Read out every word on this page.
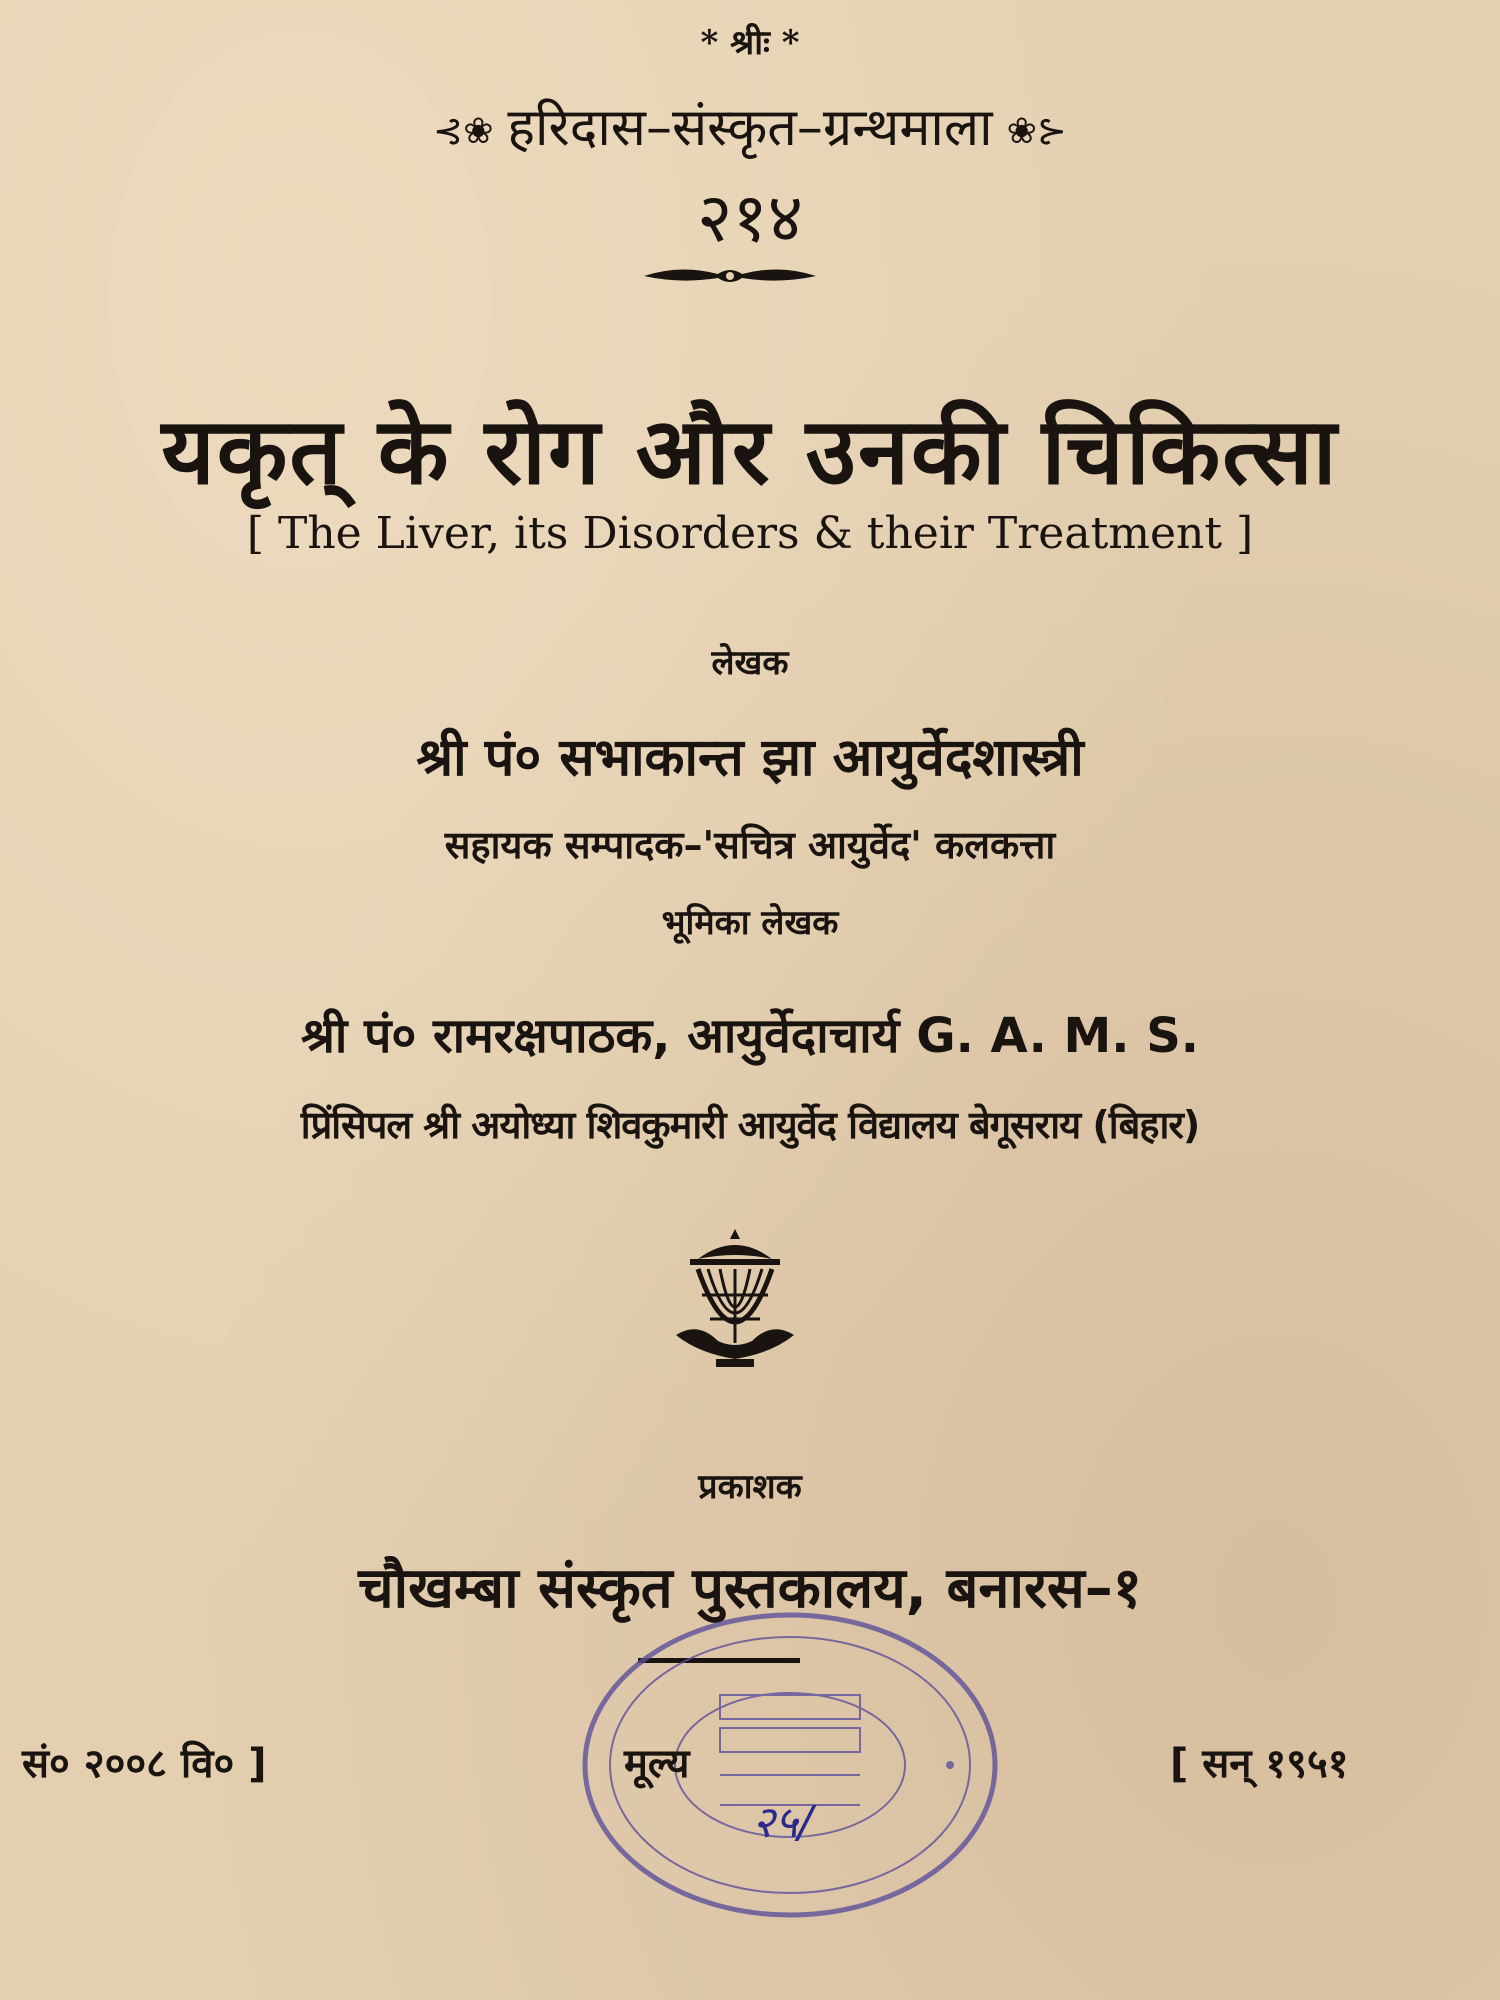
* श्रीः *
⊰❀ हरिदास–संस्कृत–ग्रन्थमाला ❀⊱
२१४
यकृत् के रोग और उनकी चिकित्सा
[ The Liver, its Disorders & their Treatment ]
लेखक
श्री पं० सभाकान्त झा आयुर्वेदशास्त्री
सहायक सम्पादक–'सचित्र आयुर्वेद' कलकत्ता
भूमिका लेखक
श्री पं० रामरक्षपाठक, आयुर्वेदाचार्य G. A. M. S.
प्रिंसिपल श्री अयोध्या शिवकुमारी आयुर्वेद विद्यालय बेगूसराय (बिहार)
प्रकाशक
चौखम्बा संस्कृत पुस्तकालय, बनारस–१
सं० २००८ वि० ]	मूल्य
२५/
[ सन् १९५१
